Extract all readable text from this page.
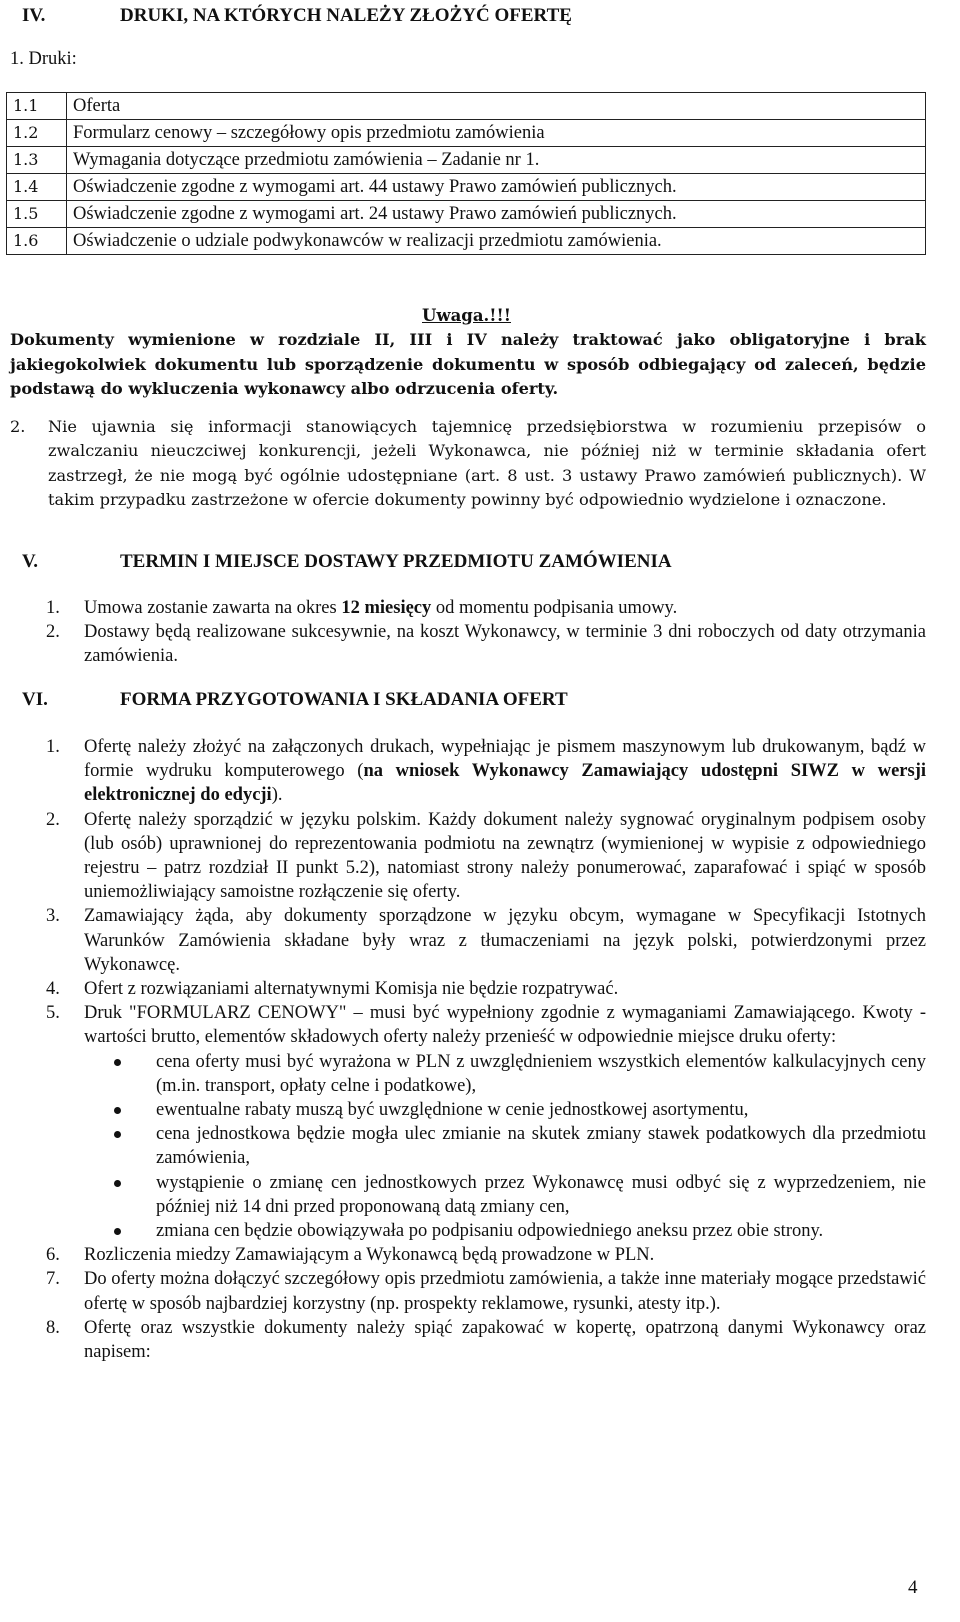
IV.	DRUKI, NA KTÓRYCH NALEŻY ZŁOŻYĆ OFERTĘ
1. Druki:
1.1	Oferta
1.2	Formularz cenowy – szczegółowy opis przedmiotu zamówienia
1.3	Wymagania dotyczące przedmiotu zamówienia – Zadanie nr 1.
1.4	Oświadczenie zgodne z wymogami art. 44 ustawy Prawo zamówień publicznych.
1.5	Oświadczenie zgodne z wymogami art. 24 ustawy Prawo zamówień publicznych.
1.6	Oświadczenie o udziale podwykonawców w realizacji przedmiotu zamówienia.
Uwaga.!!!
Dokumenty wymienione w rozdziale II, III i IV należy traktować jako obligatoryjne i brak jakiegokolwiek dokumentu lub sporządzenie dokumentu w sposób odbiegający od zaleceń, będzie podstawą do wykluczenia wykonawcy albo odrzucenia oferty.
2. Nie ujawnia się informacji stanowiących tajemnicę przedsiębiorstwa w rozumieniu przepisów o zwalczaniu nieuczciwej konkurencji, jeżeli Wykonawca, nie później niż w terminie składania ofert zastrzegł, że nie mogą być ogólnie udostępniane (art. 8 ust. 3 ustawy Prawo zamówień publicznych). W takim przypadku zastrzeżone w ofercie dokumenty powinny być odpowiednio wydzielone i oznaczone.
V.	TERMIN I MIEJSCE DOSTAWY PRZEDMIOTU ZAMÓWIENIA
1. Umowa zostanie zawarta na okres 12 miesięcy od momentu podpisania umowy.
2. Dostawy będą realizowane sukcesywnie, na koszt Wykonawcy, w terminie 3 dni roboczych od daty otrzymania zamówienia.
VI.	FORMA PRZYGOTOWANIA I SKŁADANIA OFERT
1. Ofertę należy złożyć na załączonych drukach, wypełniając je pismem maszynowym lub drukowanym, bądź w formie wydruku komputerowego (na wniosek Wykonawcy Zamawiający udostępni SIWZ w wersji elektronicznej do edycji).
2. Ofertę należy sporządzić w języku polskim. Każdy dokument należy sygnować oryginalnym podpisem osoby (lub osób) uprawnionej do reprezentowania podmiotu na zewnątrz (wymienionej w wypisie z odpowiedniego rejestru – patrz rozdział II punkt 5.2), natomiast strony należy ponumerować, zaparafować i spiąć w sposób uniemożliwiający samoistne rozłączenie się oferty.
3. Zamawiający żąda, aby dokumenty sporządzone w języku obcym, wymagane w Specyfikacji Istotnych Warunków Zamówienia składane były wraz z tłumaczeniami na język polski, potwierdzonymi przez Wykonawcę.
4. Ofert z rozwiązaniami alternatywnymi Komisja nie będzie rozpatrywać.
5. Druk "FORMULARZ CENOWY" – musi być wypełniony zgodnie z wymaganiami Zamawiającego. Kwoty - wartości brutto, elementów składowych oferty należy przenieść w odpowiednie miejsce druku oferty:
cena oferty musi być wyrażona w PLN z uwzględnieniem wszystkich elementów kalkulacyjnych ceny (m.in. transport, opłaty celne i podatkowe),
ewentualne rabaty muszą być uwzględnione w cenie jednostkowej asortymentu,
cena jednostkowa będzie mogła ulec zmianie na skutek zmiany stawek podatkowych dla przedmiotu zamówienia,
wystąpienie o zmianę cen jednostkowych przez Wykonawcę musi odbyć się z wyprzedzeniem, nie później niż 14 dni przed proponowaną datą zmiany cen,
zmiana cen będzie obowiązywała po podpisaniu odpowiedniego aneksu przez obie strony.
6. Rozliczenia miedzy Zamawiającym a Wykonawcą będą prowadzone w PLN.
7. Do oferty można dołączyć szczegółowy opis przedmiotu zamówienia, a także inne materiały mogące przedstawić ofertę w sposób najbardziej korzystny (np. prospekty reklamowe, rysunki, atesty itp.).
8. Ofertę oraz wszystkie dokumenty należy spiąć zapakować w kopertę, opatrzoną danymi Wykonawcy oraz napisem:
4
